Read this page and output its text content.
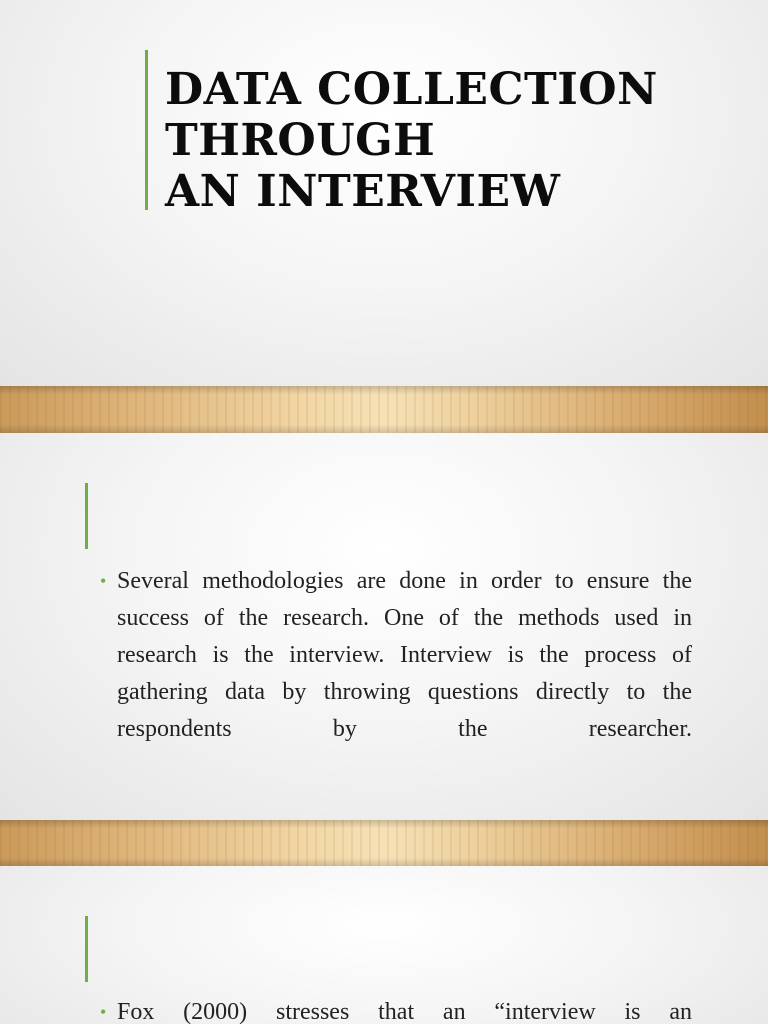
DATA COLLECTION
THROUGH
AN INTERVIEW
• Several methodologies are done in order to ensure the success of the research. One of the methods used in research is the interview. Interview is the process of gathering data by throwing questions directly to the respondents by the researcher.
• Fox (2000) stresses that an “interview is an
